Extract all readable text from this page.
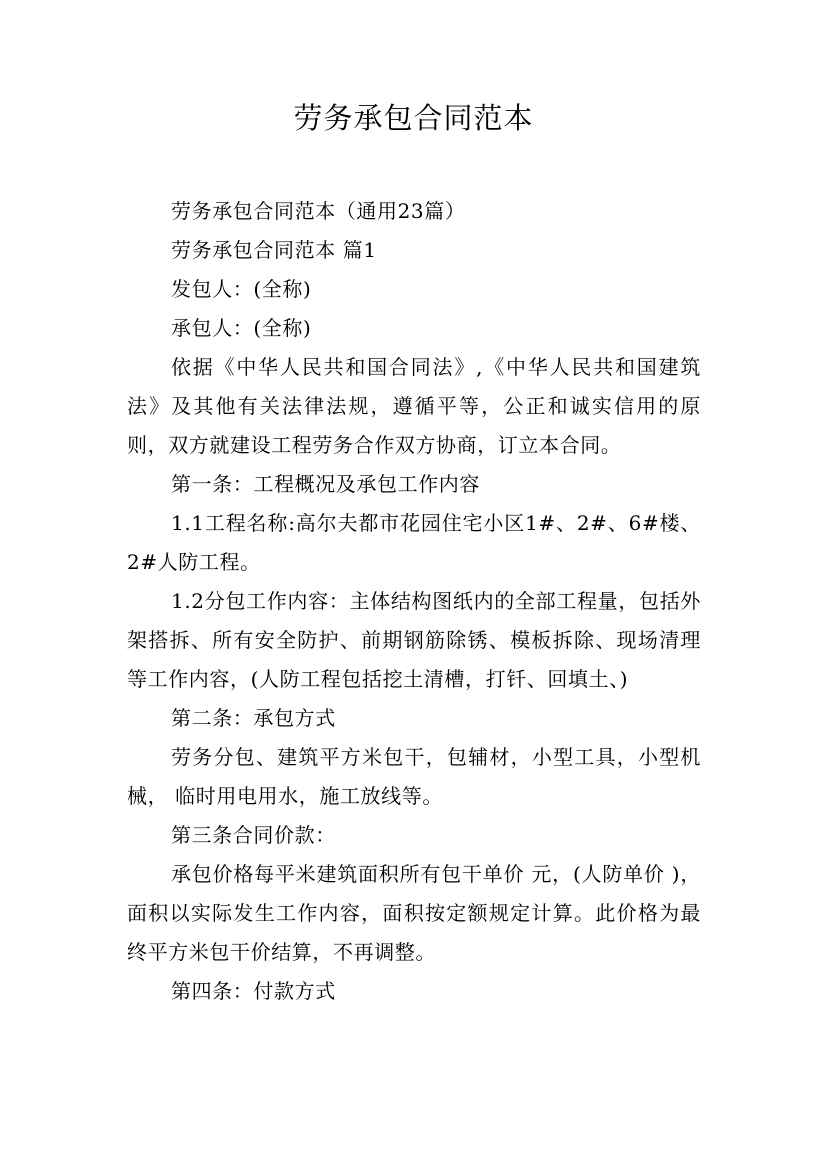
劳务承包合同范本

劳务承包合同范本（通用23篇）

劳务承包合同范本 篇1

发包人：(全称)

承包人：(全称)

依据《中华人民共和国合同法》,《中华人民共和国建筑法》及其他有关法律法规，遵循平等，公正和诚实信用的原则，双方就建设工程劳务合作双方协商，订立本合同。

第一条：工程概况及承包工作内容

1.1工程名称:高尔夫都市花园住宅小区1#、2#、6#楼、2#人防工程。

1.2分包工作内容：主体结构图纸内的全部工程量，包括外架搭拆、所有安全防护、前期钢筋除锈、模板拆除、现场清理等工作内容，(人防工程包括挖土清槽，打钎、回填土、)

第二条：承包方式

劳务分包、建筑平方米包干，包辅材，小型工具，小型机械， 临时用电用水，施工放线等。

第三条合同价款：

承包价格每平米建筑面积所有包干单价 元，(人防单价 )，面积以实际发生工作内容，面积按定额规定计算。此价格为最终平方米包干价结算，不再调整。

第四条：付款方式
